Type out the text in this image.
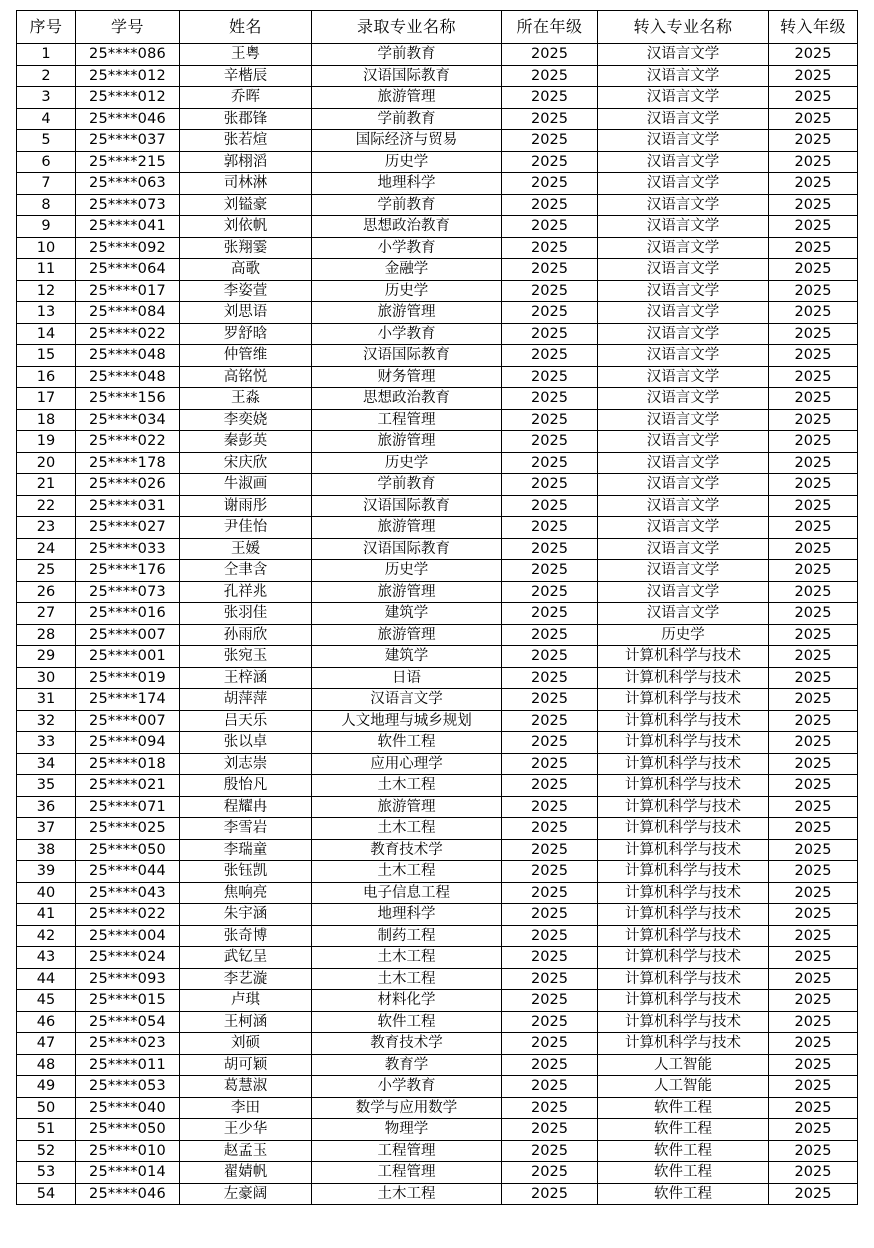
序号	学号	姓名	录取专业名称	所在年级	转入专业名称	转入年级
1	25****086	王粤	学前教育	2025	汉语言文学	2025
2	25****012	辛楷辰	汉语国际教育	2025	汉语言文学	2025
3	25****012	乔晖	旅游管理	2025	汉语言文学	2025
4	25****046	张郡锋	学前教育	2025	汉语言文学	2025
5	25****037	张若煊	国际经济与贸易	2025	汉语言文学	2025
6	25****215	郭栩滔	历史学	2025	汉语言文学	2025
7	25****063	司林淋	地理科学	2025	汉语言文学	2025
8	25****073	刘镒豪	学前教育	2025	汉语言文学	2025
9	25****041	刘依帆	思想政治教育	2025	汉语言文学	2025
10	25****092	张翔霎	小学教育	2025	汉语言文学	2025
11	25****064	高歌	金融学	2025	汉语言文学	2025
12	25****017	李姿萱	历史学	2025	汉语言文学	2025
13	25****084	刘思语	旅游管理	2025	汉语言文学	2025
14	25****022	罗舒晗	小学教育	2025	汉语言文学	2025
15	25****048	仲管维	汉语国际教育	2025	汉语言文学	2025
16	25****048	高铭悦	财务管理	2025	汉语言文学	2025
17	25****156	王淼	思想政治教育	2025	汉语言文学	2025
18	25****034	李奕娆	工程管理	2025	汉语言文学	2025
19	25****022	秦彭英	旅游管理	2025	汉语言文学	2025
20	25****178	宋庆欣	历史学	2025	汉语言文学	2025
21	25****026	牛淑画	学前教育	2025	汉语言文学	2025
22	25****031	谢雨彤	汉语国际教育	2025	汉语言文学	2025
23	25****027	尹佳怡	旅游管理	2025	汉语言文学	2025
24	25****033	王媛	汉语国际教育	2025	汉语言文学	2025
25	25****176	仝聿含	历史学	2025	汉语言文学	2025
26	25****073	孔祥兆	旅游管理	2025	汉语言文学	2025
27	25****016	张羽佳	建筑学	2025	汉语言文学	2025
28	25****007	孙雨欣	旅游管理	2025	历史学	2025
29	25****001	张宛玉	建筑学	2025	计算机科学与技术	2025
30	25****019	王梓涵	日语	2025	计算机科学与技术	2025
31	25****174	胡萍萍	汉语言文学	2025	计算机科学与技术	2025
32	25****007	吕天乐	人文地理与城乡规划	2025	计算机科学与技术	2025
33	25****094	张以卓	软件工程	2025	计算机科学与技术	2025
34	25****018	刘志崇	应用心理学	2025	计算机科学与技术	2025
35	25****021	殷怡凡	土木工程	2025	计算机科学与技术	2025
36	25****071	程耀冉	旅游管理	2025	计算机科学与技术	2025
37	25****025	李雪岩	土木工程	2025	计算机科学与技术	2025
38	25****050	李瑞童	教育技术学	2025	计算机科学与技术	2025
39	25****044	张钰凯	土木工程	2025	计算机科学与技术	2025
40	25****043	焦响亮	电子信息工程	2025	计算机科学与技术	2025
41	25****022	朱宇涵	地理科学	2025	计算机科学与技术	2025
42	25****004	张奇博	制药工程	2025	计算机科学与技术	2025
43	25****024	武钇呈	土木工程	2025	计算机科学与技术	2025
44	25****093	李艺漩	土木工程	2025	计算机科学与技术	2025
45	25****015	卢琪	材料化学	2025	计算机科学与技术	2025
46	25****054	王柯涵	软件工程	2025	计算机科学与技术	2025
47	25****023	刘硕	教育技术学	2025	计算机科学与技术	2025
48	25****011	胡可颖	教育学	2025	人工智能	2025
49	25****053	葛慧淑	小学教育	2025	人工智能	2025
50	25****040	李田	数学与应用数学	2025	软件工程	2025
51	25****050	王少华	物理学	2025	软件工程	2025
52	25****010	赵孟玉	工程管理	2025	软件工程	2025
53	25****014	翟婧帆	工程管理	2025	软件工程	2025
54	25****046	左豪阔	土木工程	2025	软件工程	2025
